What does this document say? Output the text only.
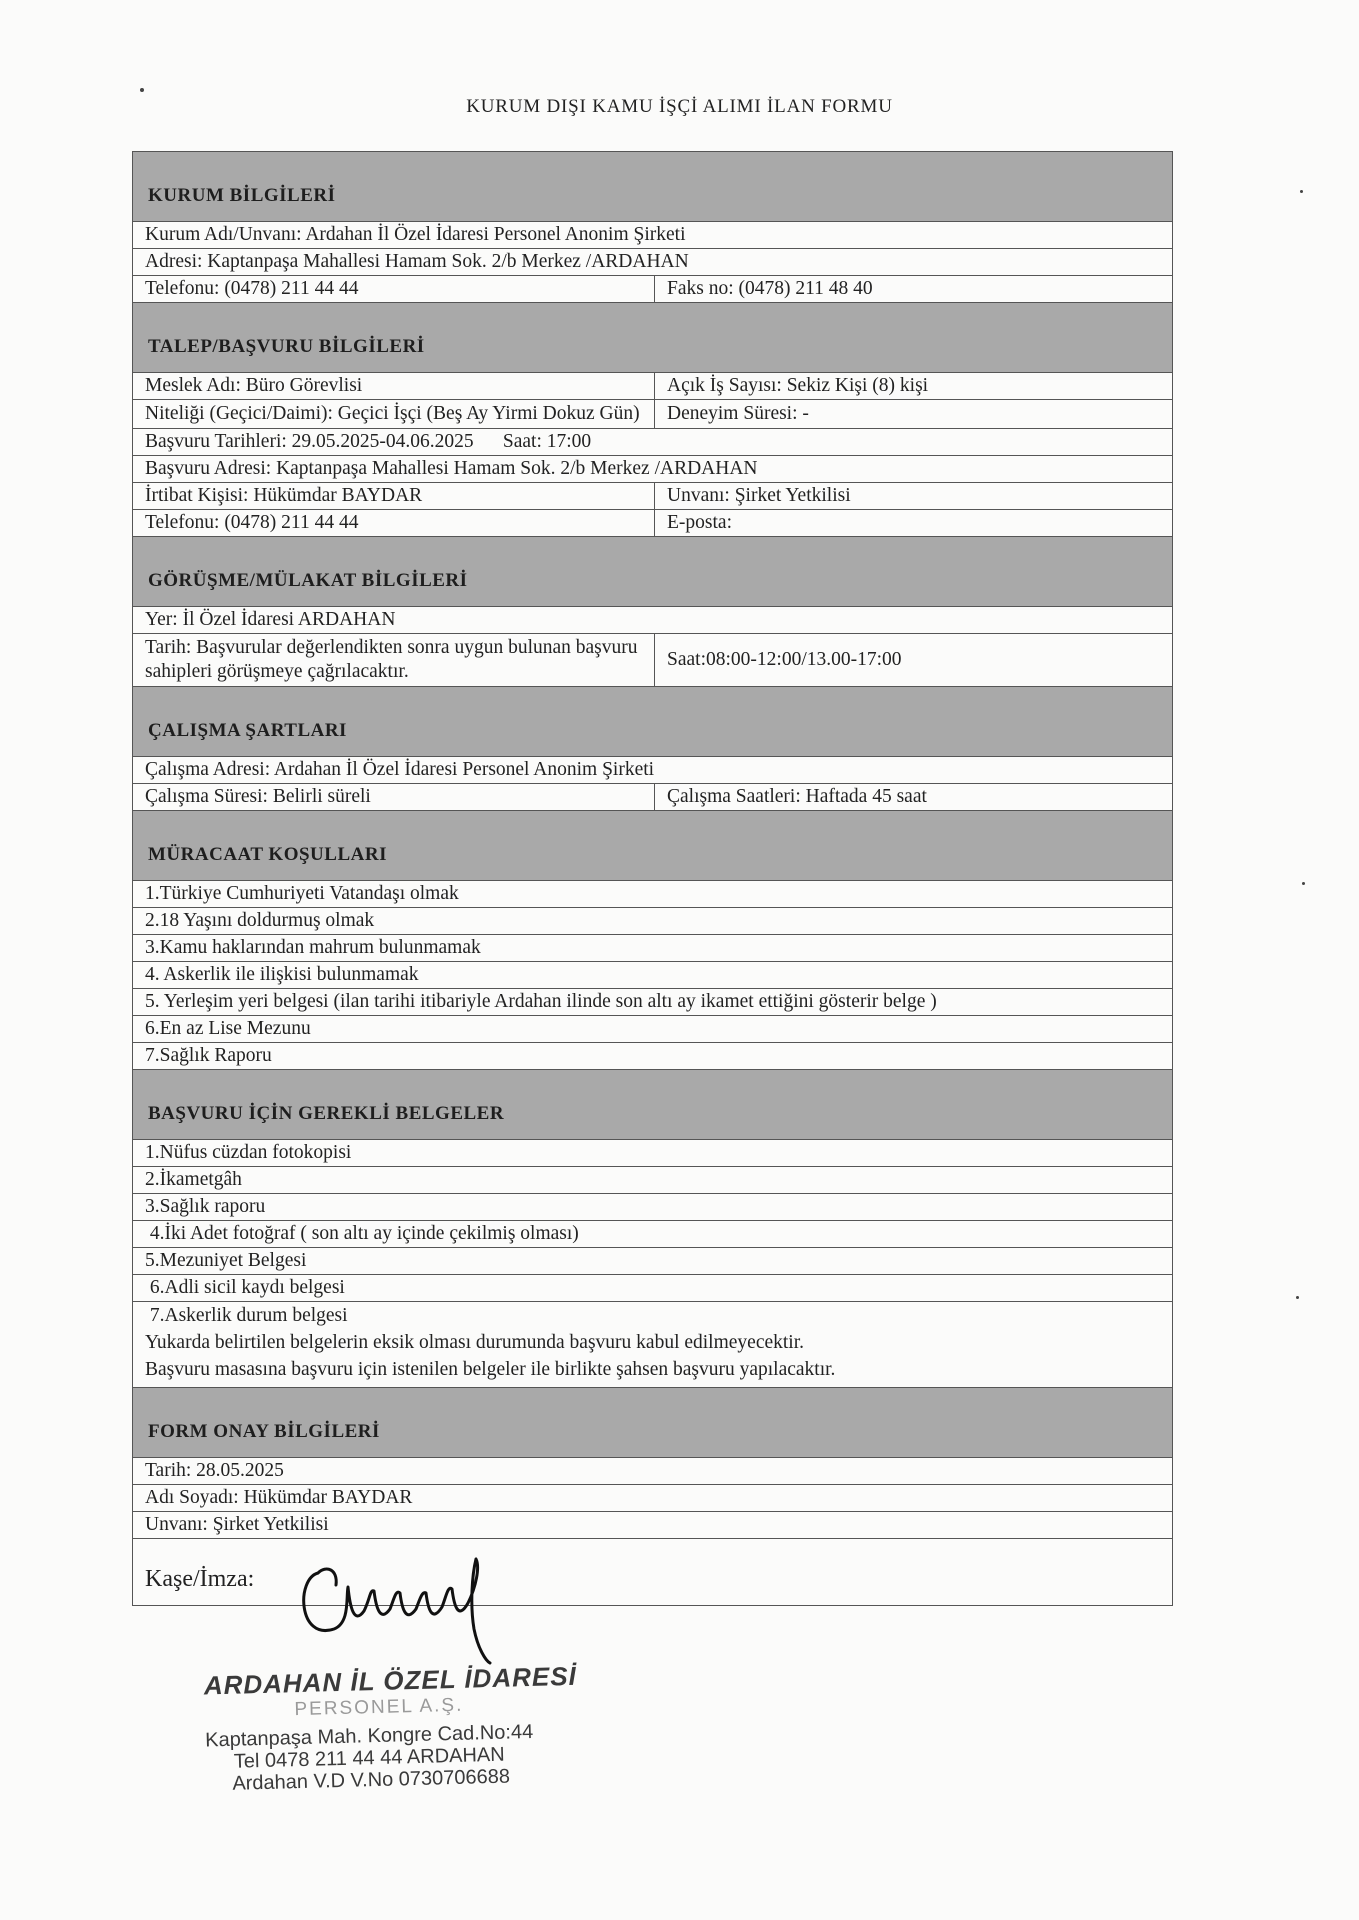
KURUM DIŞI KAMU İŞÇİ ALIMI İLAN FORMU
KURUM BİLGİLERİ
Kurum Adı/Unvanı: Ardahan İl Özel İdaresi Personel Anonim Şirketi
Adresi: Kaptanpaşa Mahallesi Hamam Sok. 2/b Merkez /ARDAHAN
Telefonu: (0478) 211 44 44	Faks no: (0478) 211 48 40
TALEP/BAŞVURU BİLGİLERİ
Meslek Adı: Büro Görevlisi	Açık İş Sayısı: Sekiz Kişi (8) kişi
Niteliği (Geçici/Daimi): Geçici İşçi (Beş Ay Yirmi Dokuz Gün)	Deneyim Süresi: -
Başvuru Tarihleri: 29.05.2025-04.06.2025      Saat: 17:00
Başvuru Adresi: Kaptanpaşa Mahallesi Hamam Sok. 2/b Merkez /ARDAHAN
İrtibat Kişisi: Hükümdar BAYDAR	Unvanı: Şirket Yetkilisi
Telefonu: (0478) 211 44 44	E-posta:
GÖRÜŞME/MÜLAKAT BİLGİLERİ
Yer: İl Özel İdaresi ARDAHAN
Tarih: Başvurular değerlendikten sonra uygun bulunan başvuru sahipleri görüşmeye çağrılacaktır.
Saat:08:00-12:00/13.00-17:00
ÇALIŞMA ŞARTLARI
Çalışma Adresi: Ardahan İl Özel İdaresi Personel Anonim Şirketi
Çalışma Süresi: Belirli süreli	Çalışma Saatleri: Haftada 45 saat
MÜRACAAT KOŞULLARI
1.Türkiye Cumhuriyeti Vatandaşı olmak
2.18 Yaşını doldurmuş olmak
3.Kamu haklarından mahrum bulunmamak
4. Askerlik ile ilişkisi bulunmamak
5. Yerleşim yeri belgesi (ilan tarihi itibariyle Ardahan ilinde son altı ay ikamet ettiğini gösterir belge )
6.En az Lise Mezunu
7.Sağlık Raporu
BAŞVURU İÇİN GEREKLİ BELGELER
1.Nüfus cüzdan fotokopisi
2.İkametgâh
3.Sağlık raporu
4.İki Adet fotoğraf ( son altı ay içinde çekilmiş olması)
5.Mezuniyet Belgesi
6.Adli sicil kaydı belgesi
7.Askerlik durum belgesi
Yukarda belirtilen belgelerin eksik olması durumunda başvuru kabul edilmeyecektir.
Başvuru masasına başvuru için istenilen belgeler ile birlikte şahsen başvuru yapılacaktır.
FORM ONAY BİLGİLERİ
Tarih: 28.05.2025
Adı Soyadı: Hükümdar BAYDAR
Unvanı: Şirket Yetkilisi
Kaşe/İmza:
ARDAHAN İL ÖZEL İDARESİ
PERSONEL A.Ş.
Kaptanpaşa Mah. Kongre Cad.No:44
Tel 0478 211 44 44 ARDAHAN
Ardahan V.D V.No 0730706688
